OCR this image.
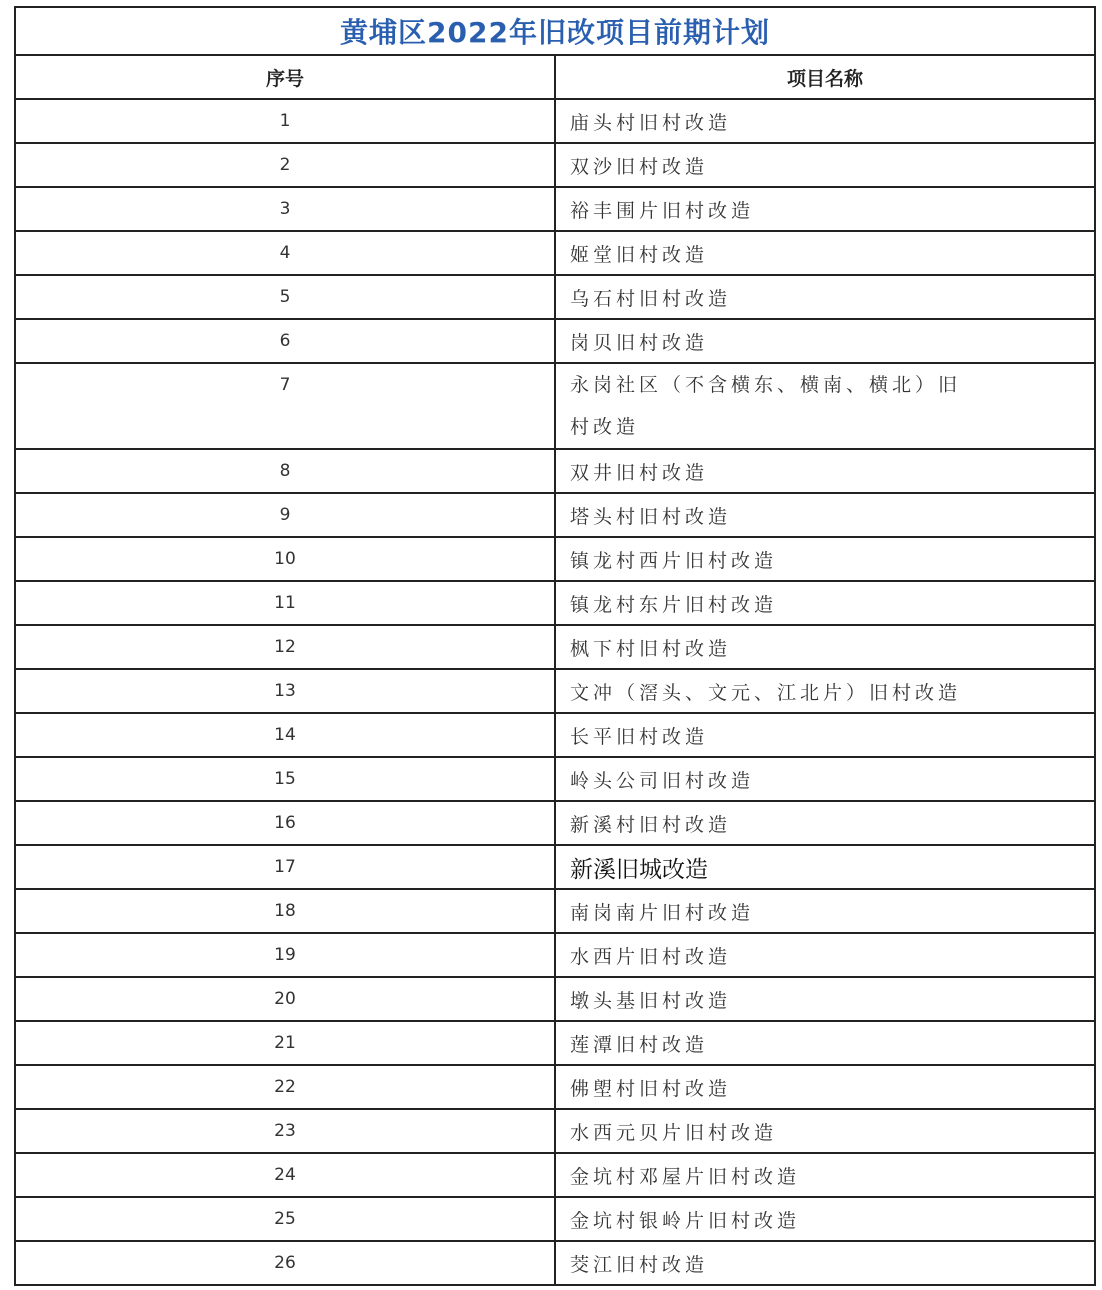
黄埔区2022年旧改项目前期计划	
序号	项目名称
1	庙头村旧村改造
2	双沙旧村改造
3	裕丰围片旧村改造
4	姬堂旧村改造
5	乌石村旧村改造
6	岗贝旧村改造
7	永岗社区（不含横东、横南、横北）旧村改造

8	双井旧村改造
9	塔头村旧村改造
10	镇龙村西片旧村改造
11	镇龙村东片旧村改造
12	枫下村旧村改造
13	文冲（滘头、文元、江北片）旧村改造
14	长平旧村改造
15	岭头公司旧村改造
16	新溪村旧村改造
17	新溪旧城改造
18	南岗南片旧村改造
19	水西片旧村改造
20	墩头基旧村改造
21	莲潭旧村改造
22	佛塱村旧村改造
23	水西元贝片旧村改造
24	金坑村邓屋片旧村改造
25	金坑村银岭片旧村改造
26	茭江旧村改造
